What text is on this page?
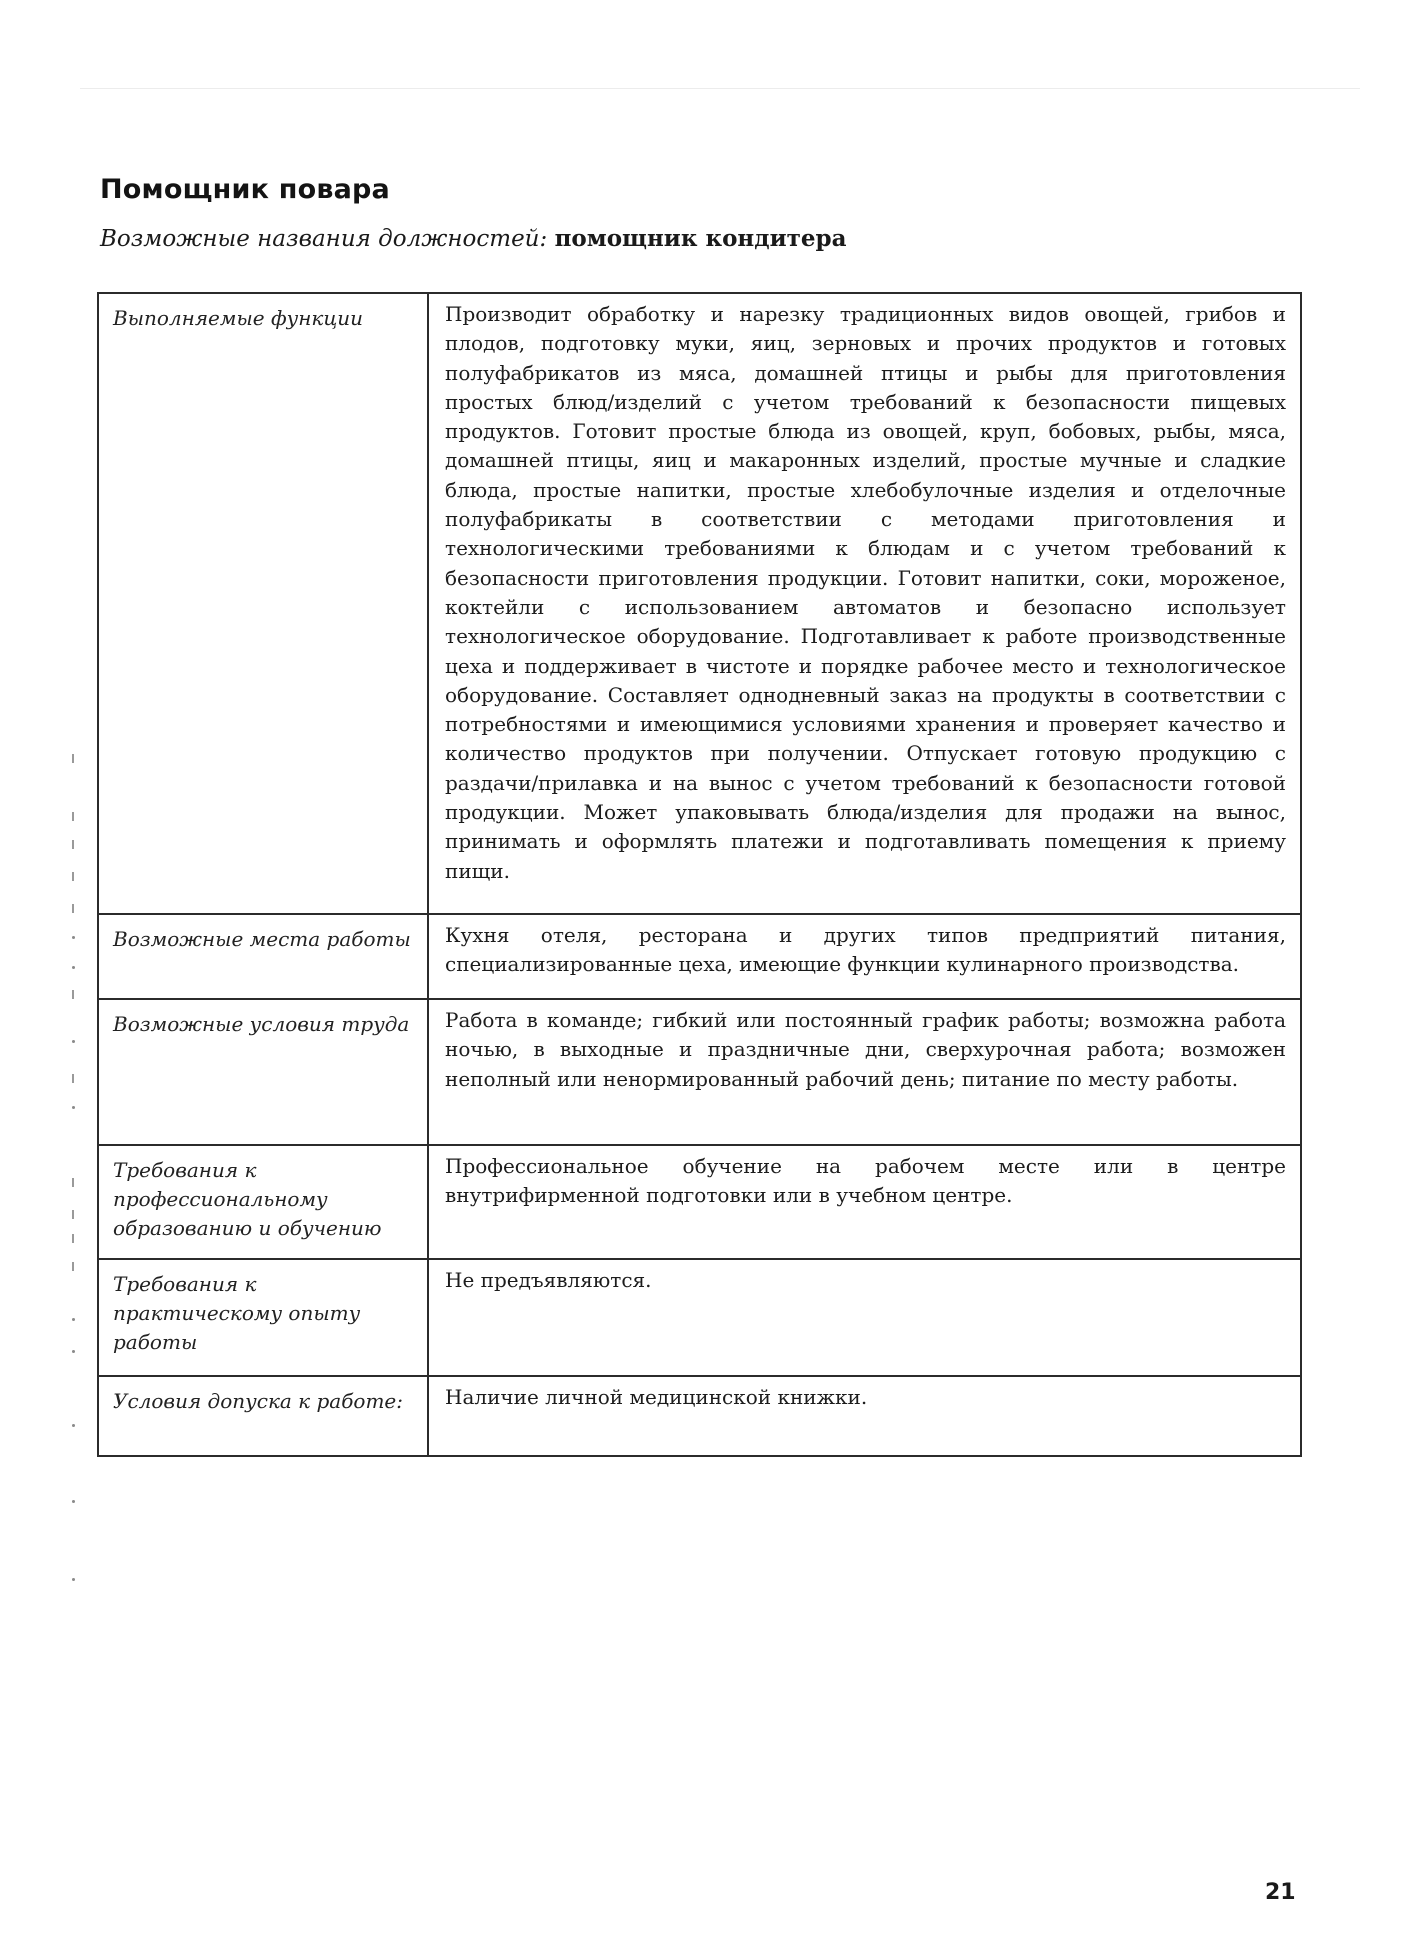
Помощник повара

Возможные названия должностей: помощник кондитера

Выполняемые функции	Производит обработку и нарезку традиционных видов овощей, грибов и плодов, подготовку муки, яиц, зерновых и прочих продуктов и готовых полуфабрикатов из мяса, домашней птицы и рыбы для приготовления простых блюд/изделий с учетом требований к безопасности пищевых продуктов. Готовит простые блюда из овощей, круп, бобовых, рыбы, мяса, домашней птицы, яиц и макаронных изделий, простые мучные и сладкие блюда, простые напитки, простые хлебобулочные изделия и отделочные полуфабрикаты в соответствии с методами приготовления и технологическими требованиями к блюдам и с учетом требований к безопасности приготовления продукции. Готовит напитки, соки, мороженое, коктейли с использованием автоматов и безопасно использует технологическое оборудование. Подготавливает к работе производственные цеха и поддерживает в чистоте и порядке рабочее место и технологическое оборудование. Составляет однодневный заказ на продукты в соответствии с потребностями и имеющимися условиями хранения и проверяет качество и количество продуктов при получении. Отпускает готовую продукцию с раздачи/прилавка и на вынос с учетом требований к безопасности готовой продукции. Может упаковывать блюда/изделия для продажи на вынос, принимать и оформлять платежи и подготавливать помещения к приему пищи.
Возможные места работы	Кухня отеля, ресторана и других типов предприятий питания, специализированные цеха, имеющие функции кулинарного производства.
Возможные условия труда	Работа в команде; гибкий или постоянный график работы; возможна работа ночью, в выходные и праздничные дни, сверхурочная работа; возможен неполный или ненормированный рабочий день; питание по месту работы.
Требования к профессиональному образованию и обучению	Профессиональное обучение на рабочем месте или в центре внутрифирменной подготовки или в учебном центре.
Требования к практическому опыту работы	Не предъявляются.
Условия допуска к работе:	Наличие личной медицинской книжки.

21
